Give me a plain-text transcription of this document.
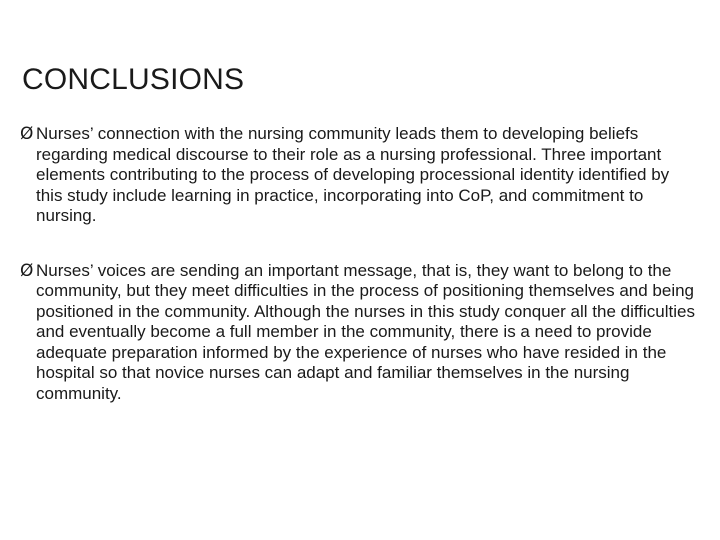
CONCLUSIONS
Ø Nurses’ connection with the nursing community leads them to developing beliefs regarding medical discourse to their role as a nursing professional. Three important elements contributing to the process of developing processional identity identified by this study include learning in practice, incorporating into CoP, and commitment to nursing.
Ø Nurses’ voices are sending an important message, that is, they want to belong to the community, but they meet difficulties in the process of positioning themselves and being positioned in the community. Although the nurses in this study conquer all the difficulties and eventually become a full member in the community, there is a need to provide adequate preparation informed by the experience of nurses who have resided in the hospital so that novice nurses can adapt and familiar themselves in the nursing community.
